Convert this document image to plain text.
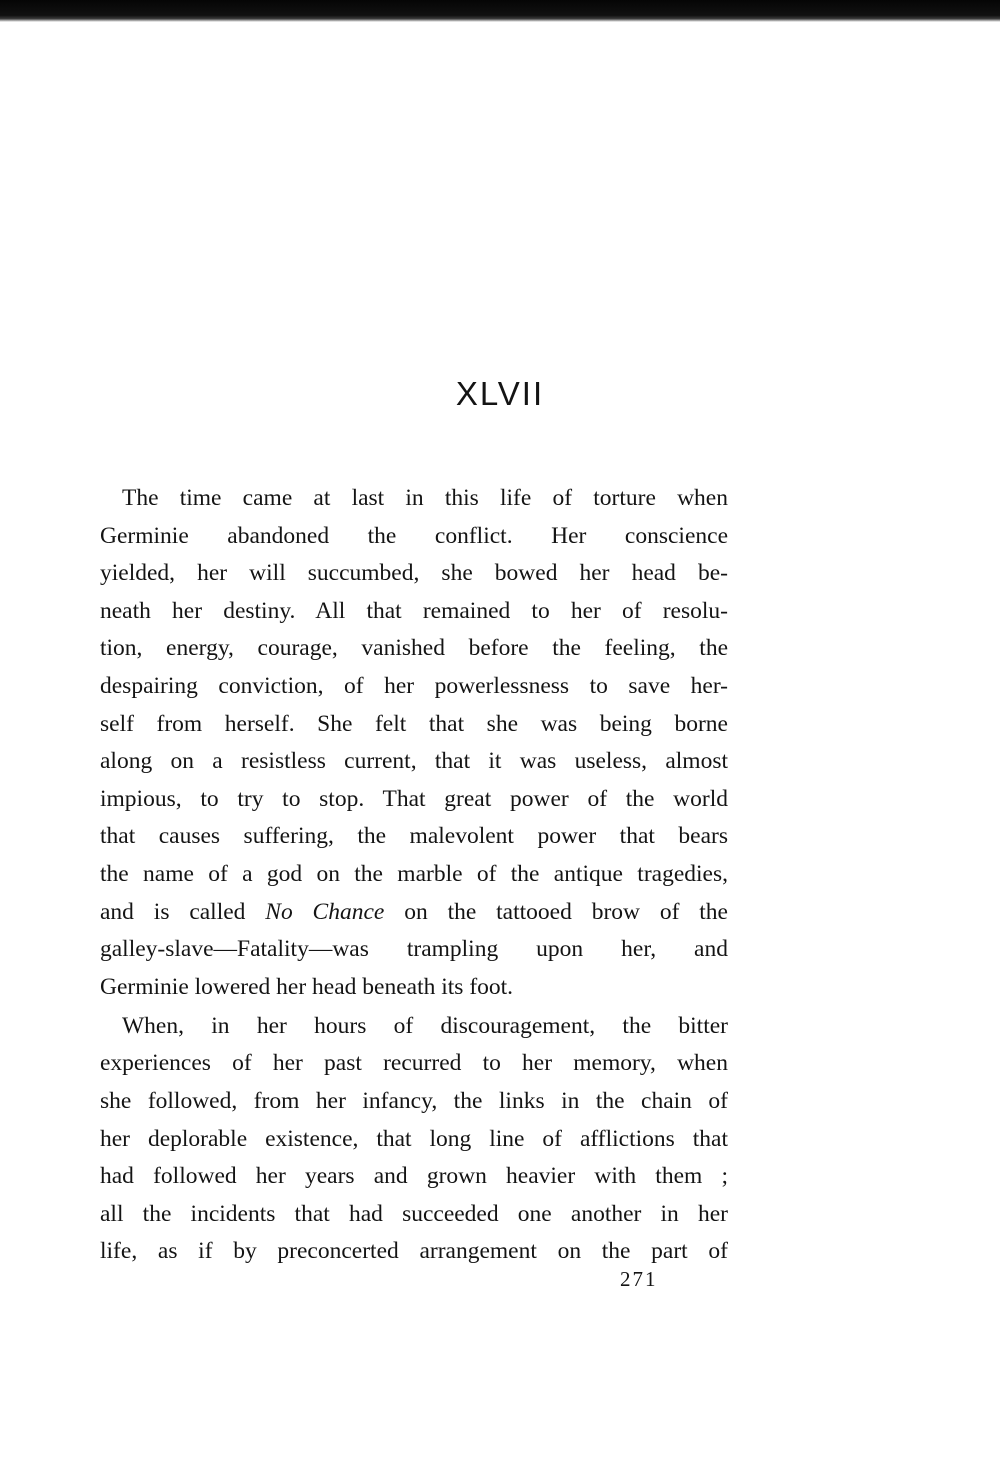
XLVII
The time came at last in this life of torture when
Germinie abandoned the conflict. Her conscience
yielded, her will succumbed, she bowed her head be-
neath her destiny. All that remained to her of resolu-
tion, energy, courage, vanished before the feeling, the
despairing conviction, of her powerlessness to save her-
self from herself. She felt that she was being borne
along on a resistless current, that it was useless, almost
impious, to try to stop. That great power of the world
that causes suffering, the malevolent power that bears
the name of a god on the marble of the antique tragedies,
and is called No Chance on the tattooed brow of the
galley-slave—Fatality—was trampling upon her, and
Germinie lowered her head beneath its foot.
When, in her hours of discouragement, the bitter
experiences of her past recurred to her memory, when
she followed, from her infancy, the links in the chain of
her deplorable existence, that long line of afflictions that
had followed her years and grown heavier with them ;
all the incidents that had succeeded one another in her
life, as if by preconcerted arrangement on the part of
271
